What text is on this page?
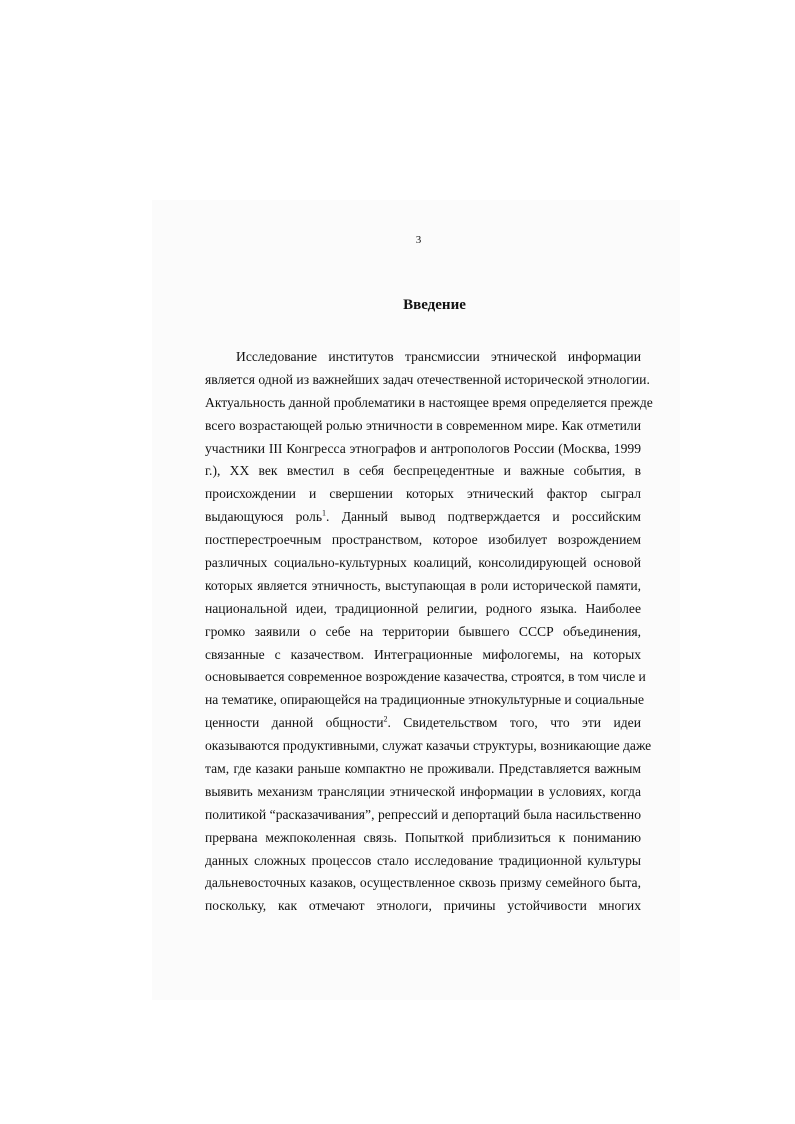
3
Введение
Исследование институтов трансмиссии этнической информации
является одной из важнейших задач отечественной исторической этнологии.
Актуальность данной проблематики в настоящее время определяется прежде
всего возрастающей ролью этничности в современном мире. Как отметили
участники III Конгресса этнографов и антропологов России (Москва, 1999
г.), XX век вместил в себя беспрецедентные и важные события, в
происхождении и свершении которых этнический фактор сыграл
выдающуюся роль$^1$. Данный вывод подтверждается и российским
постперестроечным пространством, которое изобилует возрождением
различных социально-культурных коалиций, консолидирующей основой
которых является этничность, выступающая в роли исторической памяти,
национальной идеи, традиционной религии, родного языка. Наиболее
громко заявили о себе на территории бывшего СССР объединения,
связанные с казачеством. Интеграционные мифологемы, на которых
основывается современное возрождение казачества, строятся, в том числе и
на тематике, опирающейся на традиционные этнокультурные и социальные
ценности данной общности$^2$. Свидетельством того, что эти идеи
оказываются продуктивными, служат казачьи структуры, возникающие даже
там, где казаки раньше компактно не проживали. Представляется важным
выявить механизм трансляции этнической информации в условиях, когда
политикой “расказачивания”, репрессий и депортаций была насильственно
прервана межпоколенная связь. Попыткой приблизиться к пониманию
данных сложных процессов стало исследование традиционной культуры
дальневосточных казаков, осуществленное сквозь призму семейного быта,
поскольку, как отмечают этнологи, причины устойчивости многих
